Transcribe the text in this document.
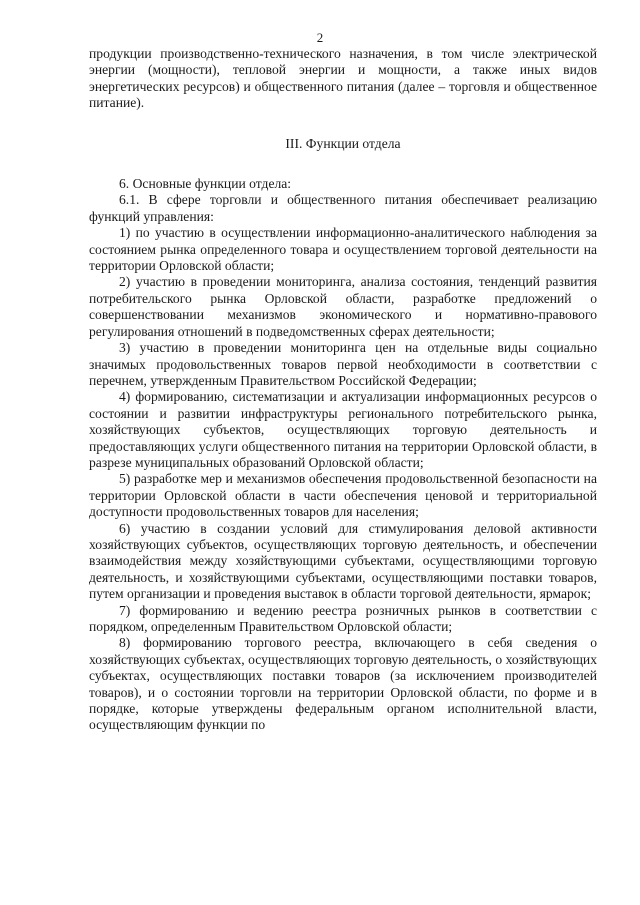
2

продукции производственно-технического назначения, в том числе электрической энергии (мощности), тепловой энергии и мощности, а также иных видов энергетических ресурсов) и общественного питания (далее – торговля и общественное питание).

III. Функции отдела

6. Основные функции отдела:

6.1. В сфере торговли и общественного питания обеспечивает реализацию функций управления:

1) по участию в осуществлении информационно-аналитического наблюдения за состоянием рынка определенного товара и осуществлением торговой деятельности на территории Орловской области;

2) участию в проведении мониторинга, анализа состояния, тенденций развития потребительского рынка Орловской области, разработке предложений о совершенствовании механизмов экономического и нормативно-правового регулирования отношений в подведомственных сферах деятельности;

3) участию в проведении мониторинга цен на отдельные виды социально значимых продовольственных товаров первой необходимости в соответствии с перечнем, утвержденным Правительством Российской Федерации;

4) формированию, систематизации и актуализации информационных ресурсов о состоянии и развитии инфраструктуры регионального потребительского рынка, хозяйствующих субъектов, осуществляющих торговую деятельность и предоставляющих услуги общественного питания на территории Орловской области, в разрезе муниципальных образований Орловской области;

5) разработке мер и механизмов обеспечения продовольственной безопасности на территории Орловской области в части обеспечения ценовой и территориальной доступности продовольственных товаров для населения;

6) участию в создании условий для стимулирования деловой активности хозяйствующих субъектов, осуществляющих торговую деятельность, и обеспечении взаимодействия между хозяйствующими субъектами, осуществляющими торговую деятельность, и хозяйствующими субъектами, осуществляющими поставки товаров, путем организации и проведения выставок в области торговой деятельности, ярмарок;

7) формированию и ведению реестра розничных рынков в соответствии с порядком, определенным Правительством Орловской области;

8) формированию торгового реестра, включающего в себя сведения о хозяйствующих субъектах, осуществляющих торговую деятельность, о хозяйствующих субъектах, осуществляющих поставки товаров (за исключением производителей товаров), и о состоянии торговли на территории Орловской области, по форме и в порядке, которые утверждены федеральным органом исполнительной власти, осуществляющим функции по
